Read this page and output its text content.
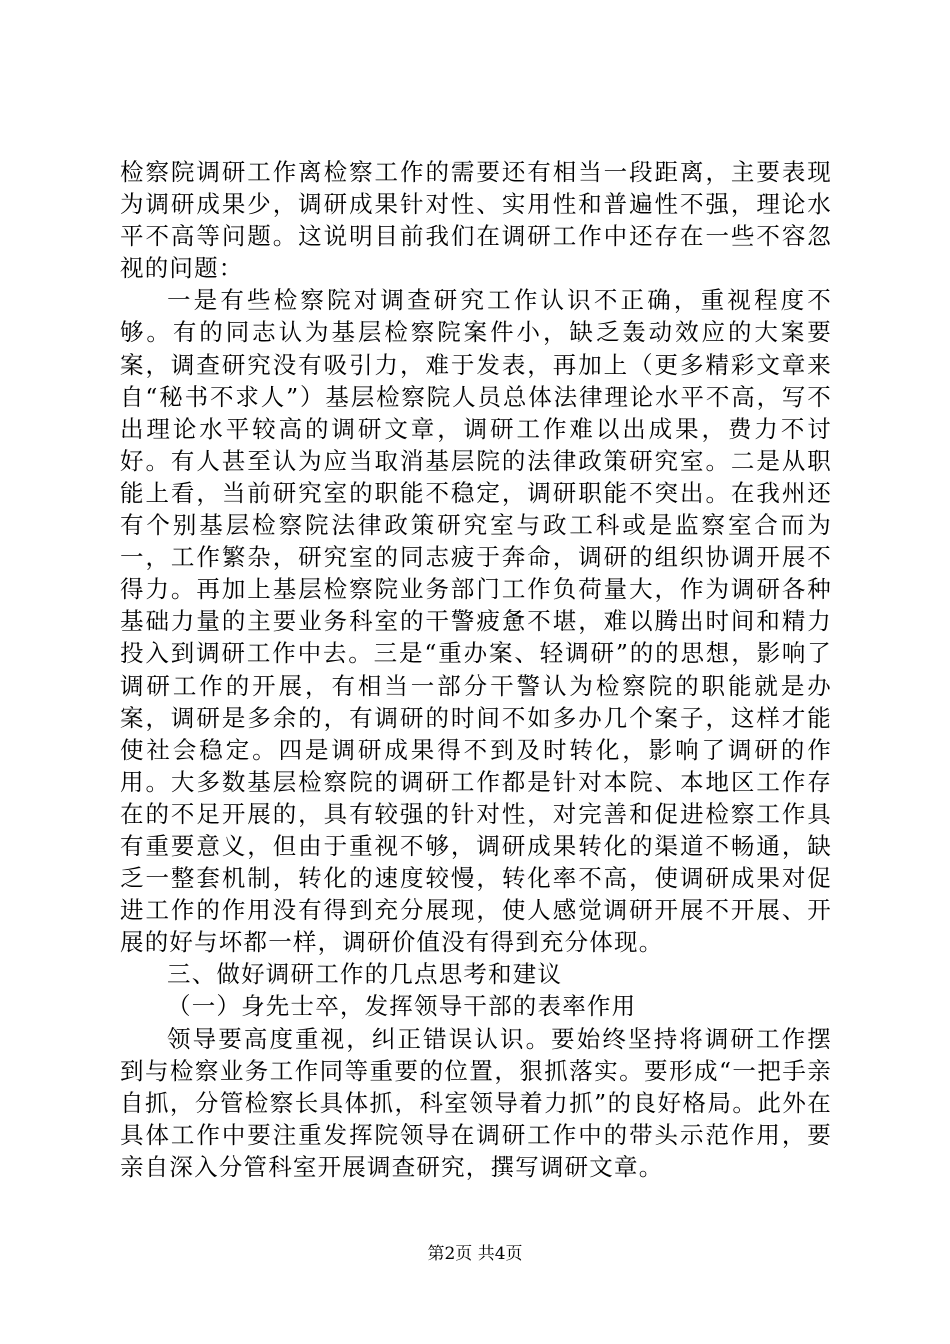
检察院调研工作离检察工作的需要还有相当一段距离，主要表现为调研成果少，调研成果针对性、实用性和普遍性不强，理论水平不高等问题。这说明目前我们在调研工作中还存在一些不容忽视的问题：

一是有些检察院对调查研究工作认识不正确，重视程度不够。有的同志认为基层检察院案件小，缺乏轰动效应的大案要案，调查研究没有吸引力，难于发表，再加上（更多精彩文章来自“秘书不求人”）基层检察院人员总体法律理论水平不高，写不出理论水平较高的调研文章，调研工作难以出成果，费力不讨好。有人甚至认为应当取消基层院的法律政策研究室。二是从职能上看，当前研究室的职能不稳定，调研职能不突出。在我州还有个别基层检察院法律政策研究室与政工科或是监察室合而为一，工作繁杂，研究室的同志疲于奔命，调研的组织协调开展不得力。再加上基层检察院业务部门工作负荷量大，作为调研各种基础力量的主要业务科室的干警疲惫不堪，难以腾出时间和精力投入到调研工作中去。三是“重办案、轻调研”的的思想，影响了调研工作的开展，有相当一部分干警认为检察院的职能就是办案，调研是多余的，有调研的时间不如多办几个案子，这样才能使社会稳定。四是调研成果得不到及时转化，影响了调研的作用。大多数基层检察院的调研工作都是针对本院、本地区工作存在的不足开展的，具有较强的针对性，对完善和促进检察工作具有重要意义，但由于重视不够，调研成果转化的渠道不畅通，缺乏一整套机制，转化的速度较慢，转化率不高，使调研成果对促进工作的作用没有得到充分展现，使人感觉调研开展不开展、开展的好与坏都一样，调研价值没有得到充分体现。

三、做好调研工作的几点思考和建议

（一）身先士卒，发挥领导干部的表率作用

领导要高度重视，纠正错误认识。要始终坚持将调研工作摆到与检察业务工作同等重要的位置，狠抓落实。要形成“一把手亲自抓，分管检察长具体抓，科室领导着力抓”的良好格局。此外在具体工作中要注重发挥院领导在调研工作中的带头示范作用，要亲自深入分管科室开展调查研究，撰写调研文章。

第2页 共4页
